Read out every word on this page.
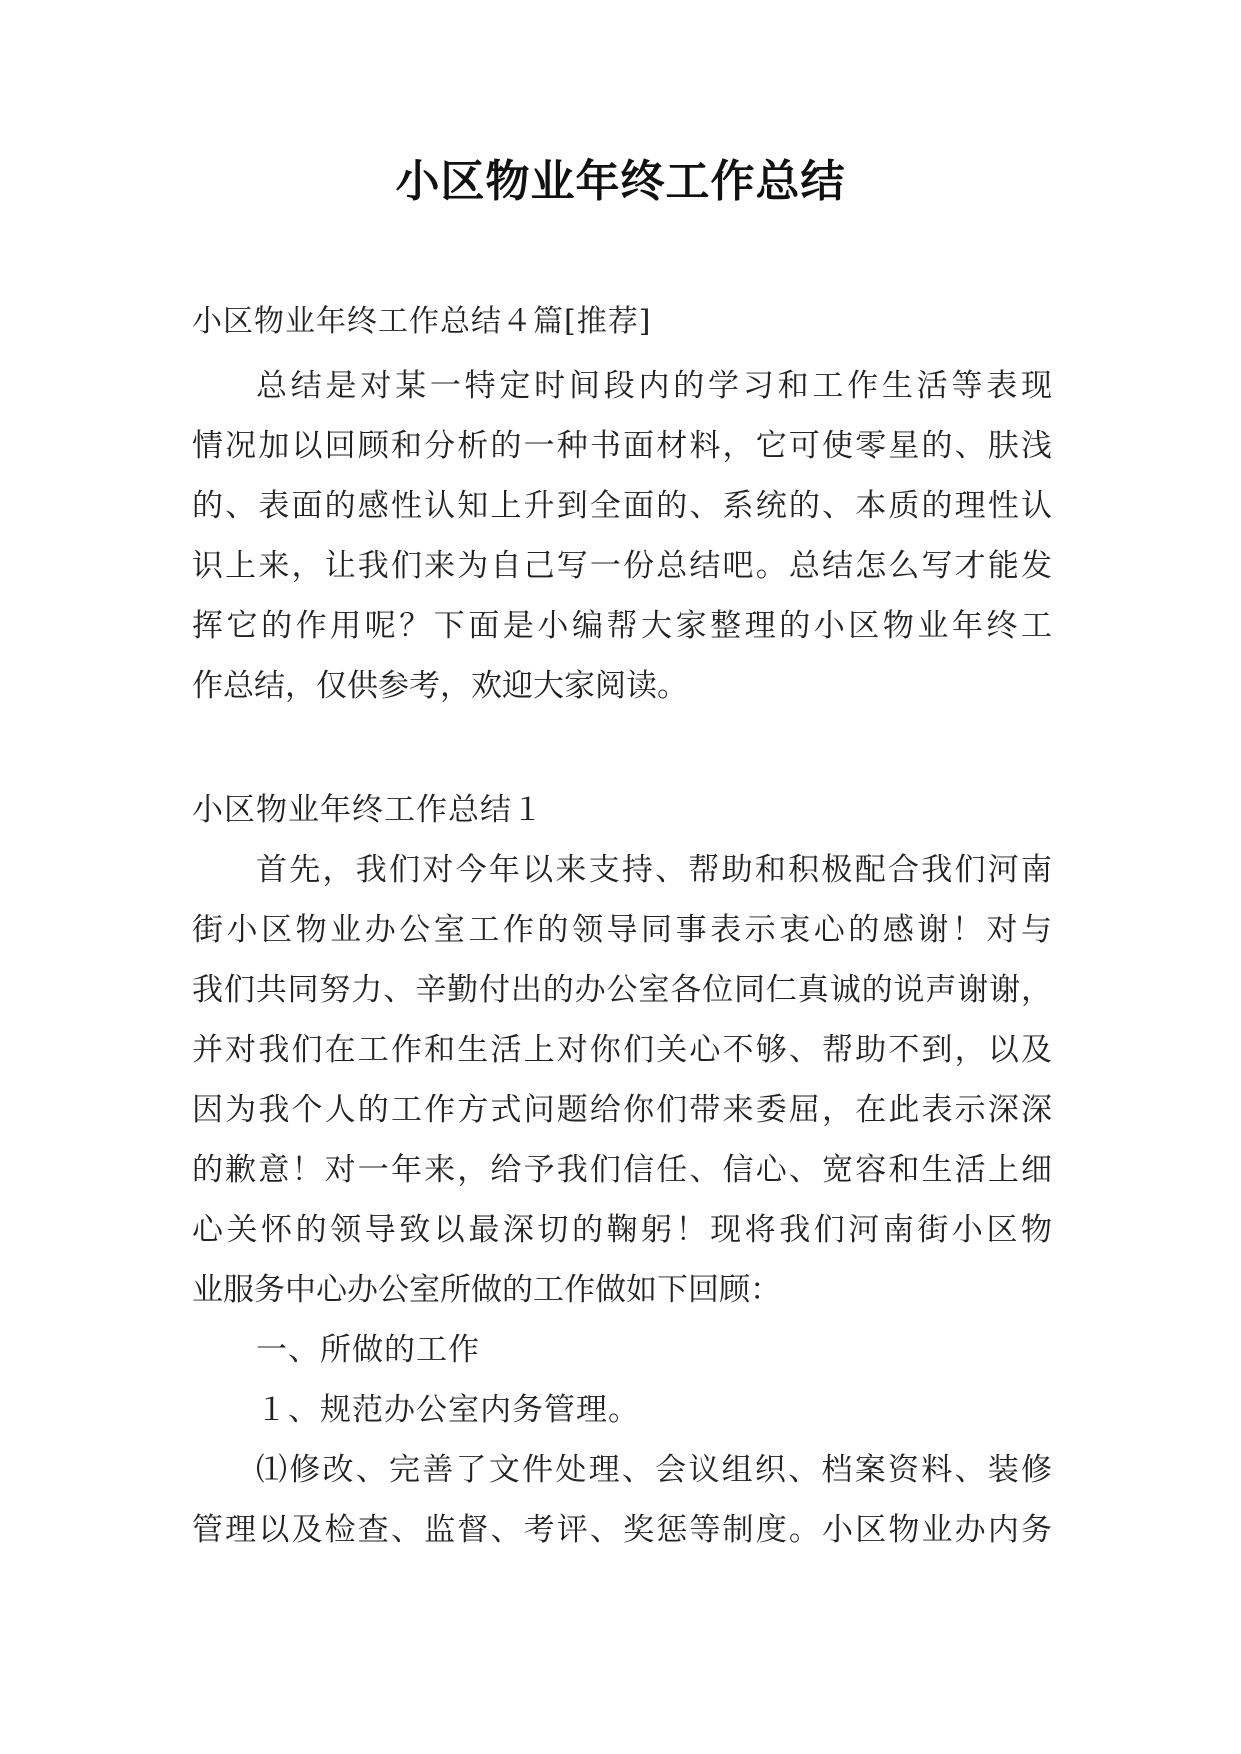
小区物业年终工作总结
小区物业年终工作总结４篇[推荐]
总结是对某一特定时间段内的学习和工作生活等表现
情况加以回顾和分析的一种书面材料，它可使零星的、肤浅
的、表面的感性认知上升到全面的、系统的、本质的理性认
识上来，让我们来为自己写一份总结吧。总结怎么写才能发
挥它的作用呢？下面是小编帮大家整理的小区物业年终工
作总结，仅供参考，欢迎大家阅读。
小区物业年终工作总结１
首先，我们对今年以来支持、帮助和积极配合我们河南
街小区物业办公室工作的领导同事表示衷心的感谢！对与
我们共同努力、辛勤付出的办公室各位同仁真诚的说声谢谢，
并对我们在工作和生活上对你们关心不够、帮助不到，以及
因为我个人的工作方式问题给你们带来委屈，在此表示深深
的歉意！对一年来，给予我们信任、信心、宽容和生活上细
心关怀的领导致以最深切的鞠躬！现将我们河南街小区物
业服务中心办公室所做的工作做如下回顾：
一、所做的工作
１、规范办公室内务管理。
⑴修改、完善了文件处理、会议组织、档案资料、装修
管理以及检查、监督、考评、奖惩等制度。小区物业办内务
